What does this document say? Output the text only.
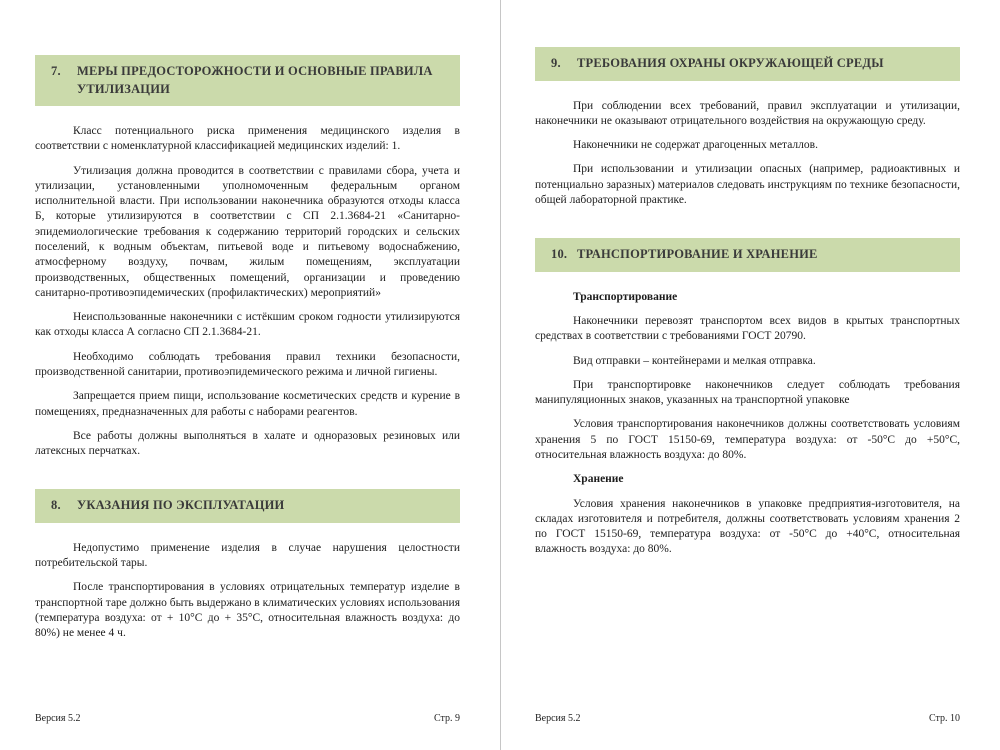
7.	МЕРЫ ПРЕДОСТОРОЖНОСТИ И ОСНОВНЫЕ ПРАВИЛА УТИЛИЗАЦИИ

Класс потенциального риска применения медицинского изделия в соответствии с номенклатурной классификацией медицинских изделий: 1.

Утилизация должна проводится в соответствии с правилами сбора, учета и утилизации, установленными уполномоченным федеральным органом исполнительной власти. При использовании наконечника образуются отходы класса Б, которые утилизируются в соответствии с СП 2.1.3684-21 «Санитарно-эпидемиологические требования к содержанию территорий городских и сельских поселений, к водным объектам, питьевой воде и питьевому водоснабжению, атмосферному воздуху, почвам, жилым помещениям, эксплуатации производственных, общественных помещений, организации и проведению санитарно-противоэпидемических (профилактических) мероприятий»

Неиспользованные наконечники с истёкшим сроком годности утилизируются как отходы класса А согласно СП 2.1.3684-21.

Необходимо соблюдать требования правил техники безопасности, производственной санитарии, противоэпидемического режима и личной гигиены.

Запрещается прием пищи, использование косметических средств и курение в помещениях, предназначенных для работы с наборами реагентов.

Все работы должны выполняться в халате и одноразовых резиновых или латексных перчатках.

8.	УКАЗАНИЯ ПО ЭКСПЛУАТАЦИИ

Недопустимо применение изделия в случае нарушения целостности потребительской тары.

После транспортирования в условиях отрицательных температур изделие в транспортной таре должно быть выдержано в климатических условиях использования (температура воздуха: от + 10°С до + 35°С, относительная влажность воздуха: до 80%) не менее 4 ч.

Версия 5.2	Стр. 9
9.	ТРЕБОВАНИЯ ОХРАНЫ ОКРУЖАЮЩЕЙ СРЕДЫ

При соблюдении всех требований, правил эксплуатации и утилизации, наконечники не оказывают отрицательного воздействия на окружающую среду.

Наконечники не содержат драгоценных металлов.

При использовании и утилизации опасных (например, радиоактивных и потенциально заразных) материалов следовать инструкциям по технике безопасности, общей лабораторной практике.

10. ТРАНСПОРТИРОВАНИЕ И ХРАНЕНИЕ

Транспортирование

Наконечники перевозят транспортом всех видов в крытых транспортных средствах в соответствии с требованиями ГОСТ 20790.

Вид отправки – контейнерами и мелкая отправка.

При транспортировке наконечников следует соблюдать требования манипуляционных знаков, указанных на транспортной упаковке

Условия транспортирования наконечников должны соответствовать условиям хранения 5 по ГОСТ 15150-69, температура воздуха: от -50°С до +50°С, относительная влажность воздуха: до 80%.

Хранение

Условия хранения наконечников в упаковке предприятия-изготовителя, на складах изготовителя и потребителя, должны соответствовать условиям хранения 2 по ГОСТ 15150-69, температура воздуха: от -50°С до +40°С, относительная влажность воздуха: до 80%.

Версия 5.2	Стр. 10
